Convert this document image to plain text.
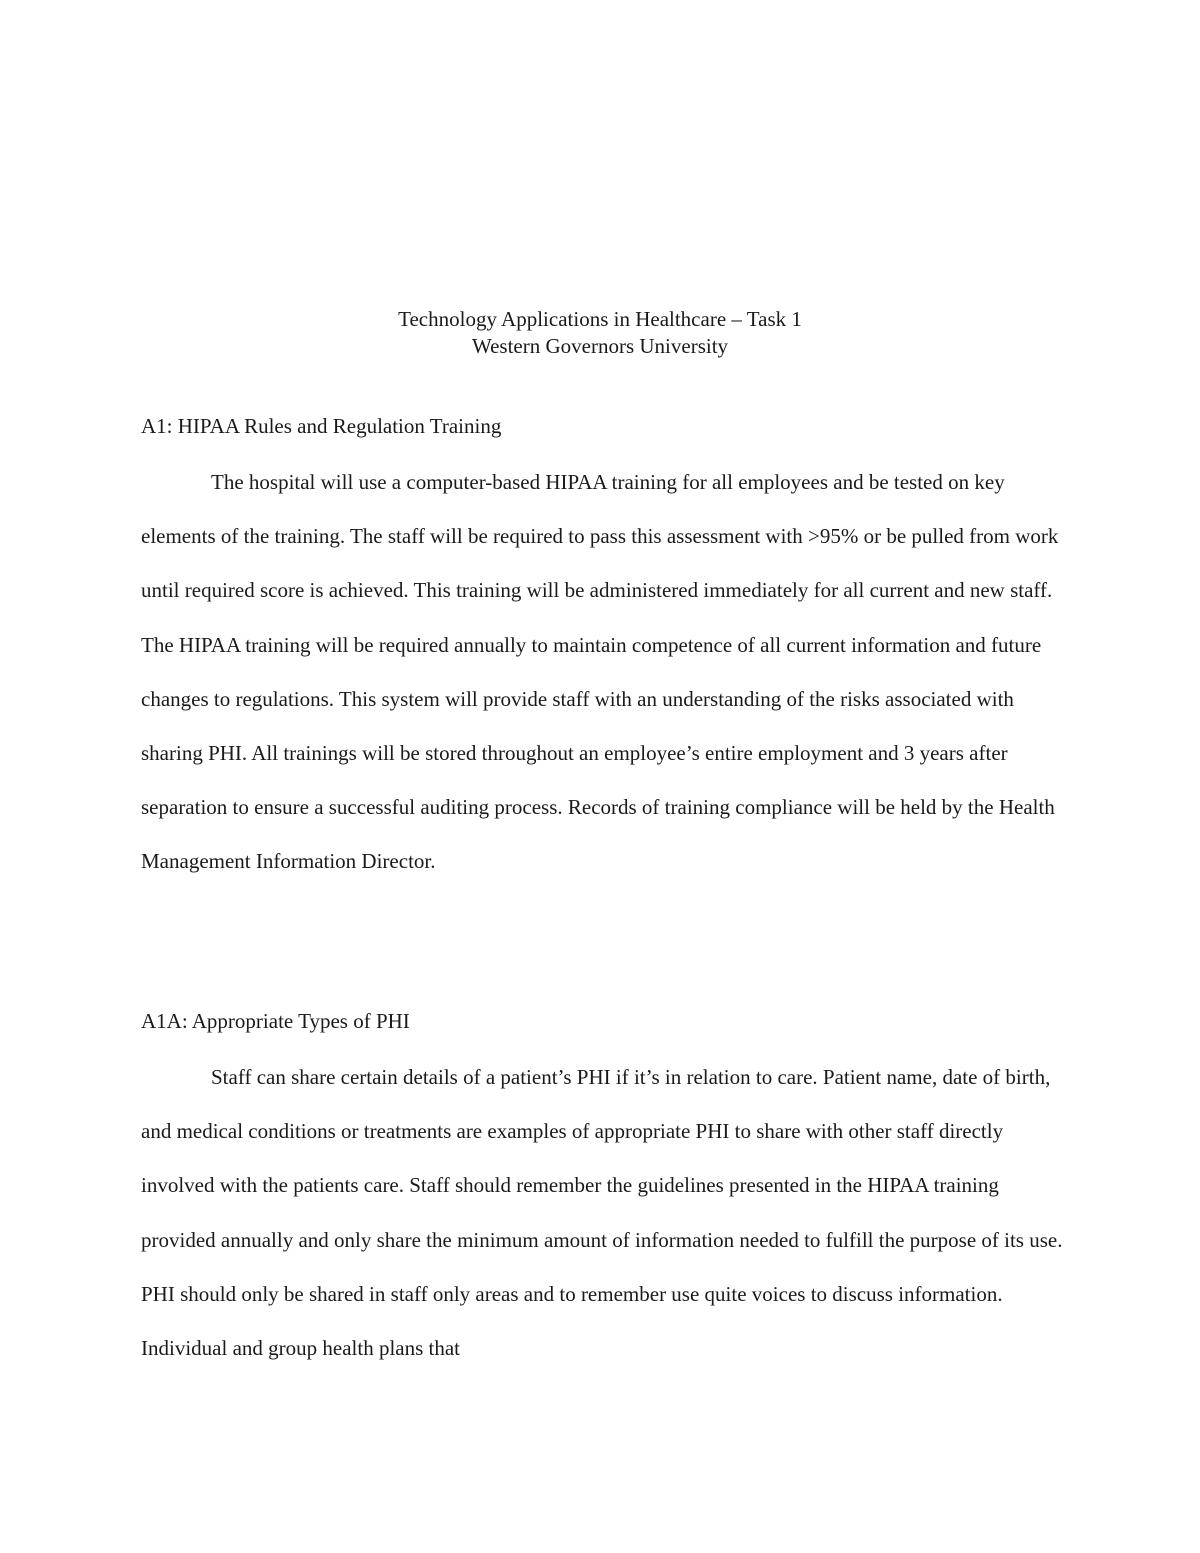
Technology Applications in Healthcare – Task 1
Western Governors University
A1: HIPAA Rules and Regulation Training

The hospital will use a computer-based HIPAA training for all employees and be tested on key elements of the training. The staff will be required to pass this assessment with >95% or be pulled from work until required score is achieved. This training will be administered immediately for all current and new staff. The HIPAA training will be required annually to maintain competence of all current information and future changes to regulations. This system will provide staff with an understanding of the risks associated with sharing PHI. All trainings will be stored throughout an employee’s entire employment and 3 years after separation to ensure a successful auditing process. Records of training compliance will be held by the Health Management Information Director.

A1A: Appropriate Types of PHI

Staff can share certain details of a patient’s PHI if it’s in relation to care. Patient name, date of birth, and medical conditions or treatments are examples of appropriate PHI to share with other staff directly involved with the patients care. Staff should remember the guidelines presented in the HIPAA training provided annually and only share the minimum amount of information needed to fulfill the purpose of its use. PHI should only be shared in staff only areas and to remember use quite voices to discuss information. Individual and group health plans that
